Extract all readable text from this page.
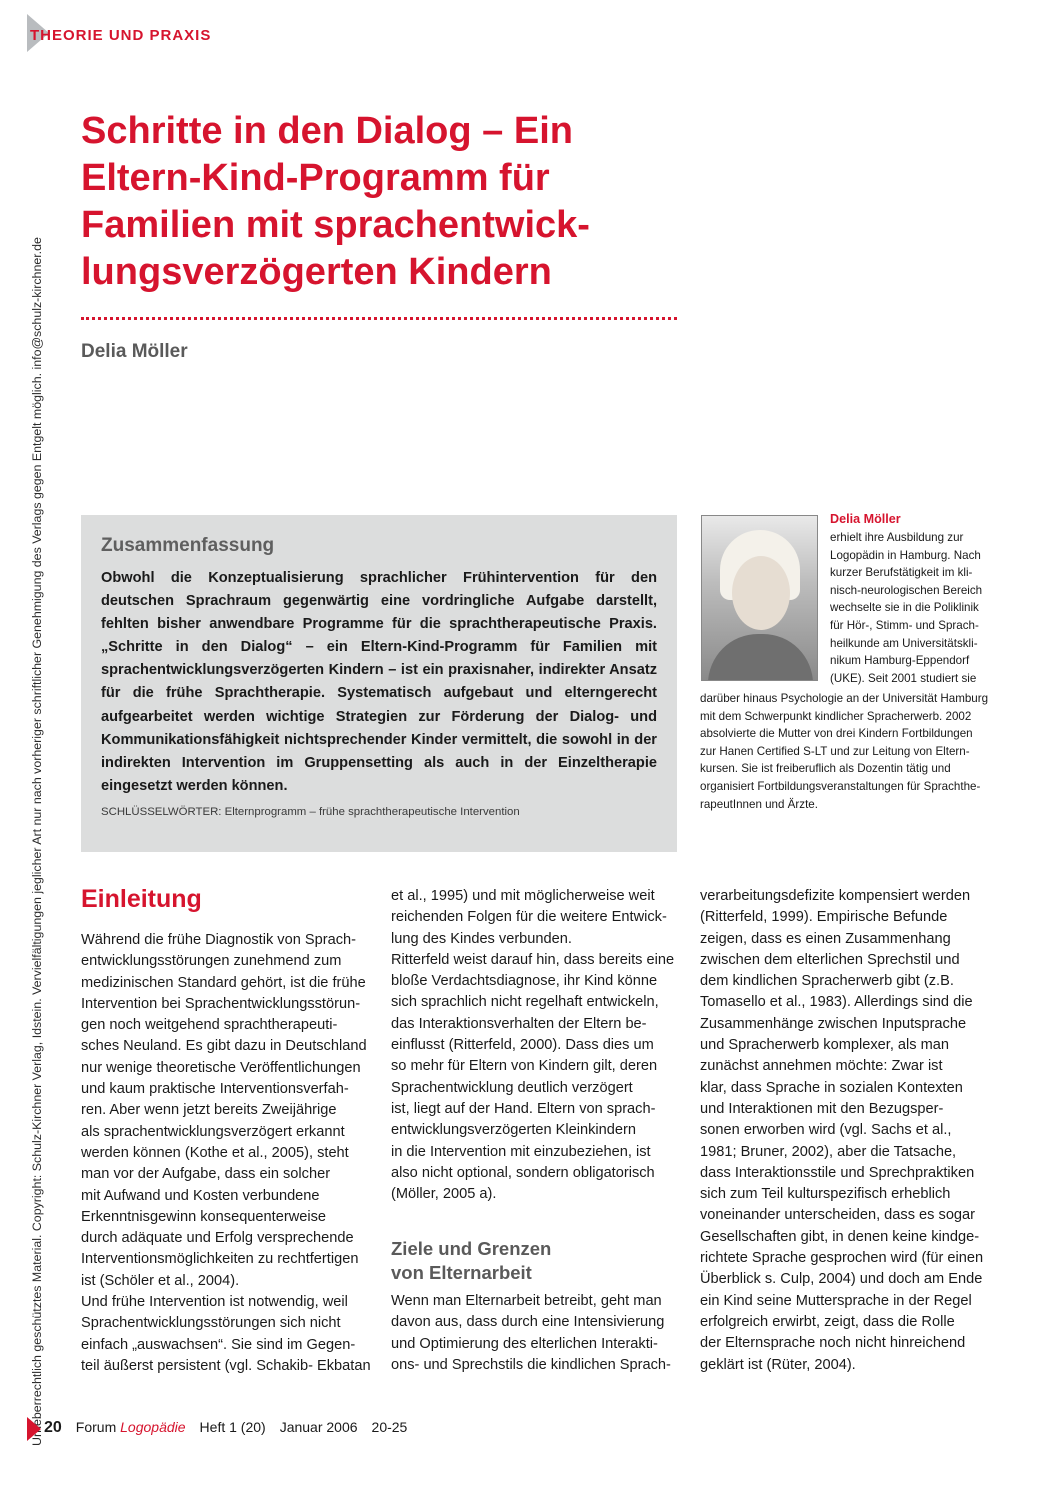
THEORIE UND PRAXIS
Urheberrechtlich geschütztes Material. Copyright: Schulz-Kirchner Verlag, Idstein. Vervielfältigungen jeglicher Art nur nach vorheriger schriftlicher Genehmigung des Verlags gegen Entgelt möglich. info@schulz-kirchner.de
Schritte in den Dialog – Ein Eltern-Kind-Programm für Familien mit sprachentwick-lungsverzögerten Kindern
Delia Möller
Zusammenfassung

Obwohl die Konzeptualisierung sprachlicher Frühintervention für den deutschen Sprachraum gegenwärtig eine vordringliche Aufgabe darstellt, fehlten bisher anwendbare Programme für die sprachtherapeutische Praxis. „Schritte in den Dialog“ – ein Eltern-Kind-Programm für Familien mit sprachentwicklungsverzögerten Kindern – ist ein praxisnaher, indirekter Ansatz für die frühe Sprachtherapie. Systematisch aufgebaut und elterngerecht aufgearbeitet werden wichtige Strategien zur Förderung der Dialog- und Kommunikationsfähigkeit nichtsprechender Kinder vermittelt, die sowohl in der indirekten Intervention im Gruppensetting als auch in der Einzeltherapie eingesetzt werden können.

SCHLÜSSELWÖRTER: Elternprogramm – frühe sprachtherapeutische Intervention
Delia Möller
erhielt ihre Ausbildung zur
Logopädin in Hamburg. Nach
kurzer Berufstätigkeit im kli-
nisch-neurologischen Bereich
wechselte sie in die Poliklinik
für Hör-, Stimm- und Sprach-
heilkunde am Universitätskli-
nikum Hamburg-Eppendorf
(UKE). Seit 2001 studiert sie
darüber hinaus Psychologie an der Universität Hamburg
mit dem Schwerpunkt kindlicher Spracherwerb. 2002
absolvierte die Mutter von drei Kindern Fortbildungen
zur Hanen Certified S-LT und zur Leitung von Eltern-
kursen. Sie ist freiberuflich als Dozentin tätig und
organisiert Fortbildungsveranstaltungen für Sprachthe-
rapeutInnen und Ärzte.
Einleitung
Während die frühe Diagnostik von Sprach-
entwicklungsstörungen zunehmend zum
medizinischen Standard gehört, ist die frühe
Intervention bei Sprachentwicklungsstörun-
gen noch weitgehend sprachtherapeuti-
sches Neuland. Es gibt dazu in Deutschland
nur wenige theoretische Veröffentlichungen
und kaum praktische Interventionsverfah-
ren. Aber wenn jetzt bereits Zweijährige
als sprachentwicklungsverzögert erkannt
werden können (Kothe et al., 2005), steht
man vor der Aufgabe, dass ein solcher
mit Aufwand und Kosten verbundene
Erkenntnisgewinn konsequenterweise
durch adäquate und Erfolg versprechende
Interventionsmöglichkeiten zu rechtfertigen
ist (Schöler et al., 2004).
Und frühe Intervention ist notwendig, weil
Sprachentwicklungsstörungen sich nicht
einfach „auswachsen“. Sie sind im Gegen-
teil äußerst persistent (vgl. Schakib- Ekbatan
et al., 1995) und mit möglicherweise weit
reichenden Folgen für die weitere Entwick-
lung des Kindes verbunden.
Ritterfeld weist darauf hin, dass bereits eine
bloße Verdachtsdiagnose, ihr Kind könne
sich sprachlich nicht regelhaft entwickeln,
das Interaktionsverhalten der Eltern be-
einflusst (Ritterfeld, 2000). Dass dies um
so mehr für Eltern von Kindern gilt, deren
Sprachentwicklung deutlich verzögert
ist, liegt auf der Hand. Eltern von sprach-
entwicklungsverzögerten Kleinkindern
in die Intervention mit einzubeziehen, ist
also nicht optional, sondern obligatorisch
(Möller, 2005 a).
Ziele und Grenzen
von Elternarbeit
Wenn man Elternarbeit betreibt, geht man
davon aus, dass durch eine Intensivierung
und Optimierung des elterlichen Interakti-
ons- und Sprechstils die kindlichen Sprach-
verarbeitungsdefizite kompensiert werden
(Ritterfeld, 1999). Empirische Befunde
zeigen, dass es einen Zusammenhang
zwischen dem elterlichen Sprechstil und
dem kindlichen Spracherwerb gibt (z.B.
Tomasello et al., 1983). Allerdings sind die
Zusammenhänge zwischen Inputsprache
und Spracherwerb komplexer, als man
zunächst annehmen möchte: Zwar ist
klar, dass Sprache in sozialen Kontexten
und Interaktionen mit den Bezugsper-
sonen erworben wird (vgl. Sachs et al.,
1981; Bruner, 2002), aber die Tatsache,
dass Interaktionsstile und Sprechpraktiken
sich zum Teil kulturspezifisch erheblich
voneinander unterscheiden, dass es sogar
Gesellschaften gibt, in denen keine kindge-
richtete Sprache gesprochen wird (für einen
Überblick s. Culp, 2004) und doch am Ende
ein Kind seine Muttersprache in der Regel
erfolgreich erwirbt, zeigt, dass die Rolle
der Elternsprache noch nicht hinreichend
geklärt ist (Rüter, 2004).
20 Forum Logopädie Heft 1 (20) Januar 2006 20-25
